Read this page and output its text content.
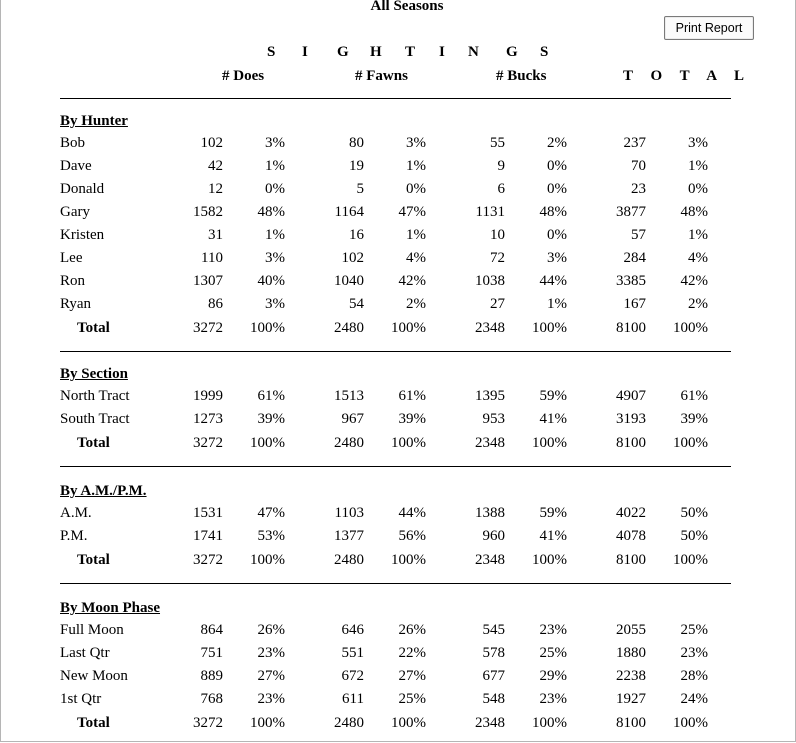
All Seasons
Print Report
S I G H T I N G S
# Does	# Fawns	# Bucks	T O T A L
By Hunter
Bob	102	3%	80	3%	55	2%	237	3%
Dave	42	1%	19	1%	9	0%	70	1%
Donald	12	0%	5	0%	6	0%	23	0%
Gary	1582 48%	1164 47%	1131 48%	3877 48%
Kristen	31	1%	16	1%	10	0%	57	1%
Lee	110	3%	102	4%	72	3%	284	4%
Ron	1307 40%	1040 42%	1038 44%	3385 42%
Ryan	86	3%	54	2%	27	1%	167	2%
Total	3272 100%	2480 100%	2348 100%	8100 100%
By Section
North Tract	1999 61%	1513 61%	1395 59%	4907 61%
South Tract	1273 39%	967 39%	953 41%	3193 39%
Total	3272 100%	2480 100%	2348 100%	8100 100%
By A.M./P.M.
A.M.	1531 47%	1103 44%	1388 59%	4022 50%
P.M.	1741 53%	1377 56%	960 41%	4078 50%
Total	3272 100%	2480 100%	2348 100%	8100 100%
By Moon Phase
Full Moon	864 26%	646 26%	545 23%	2055 25%
Last Qtr	751 23%	551 22%	578 25%	1880 23%
New Moon	889 27%	672 27%	677 29%	2238 28%
1st Qtr	768 23%	611 25%	548 23%	1927 24%
Total	3272 100%	2480 100%	2348 100%	8100 100%
